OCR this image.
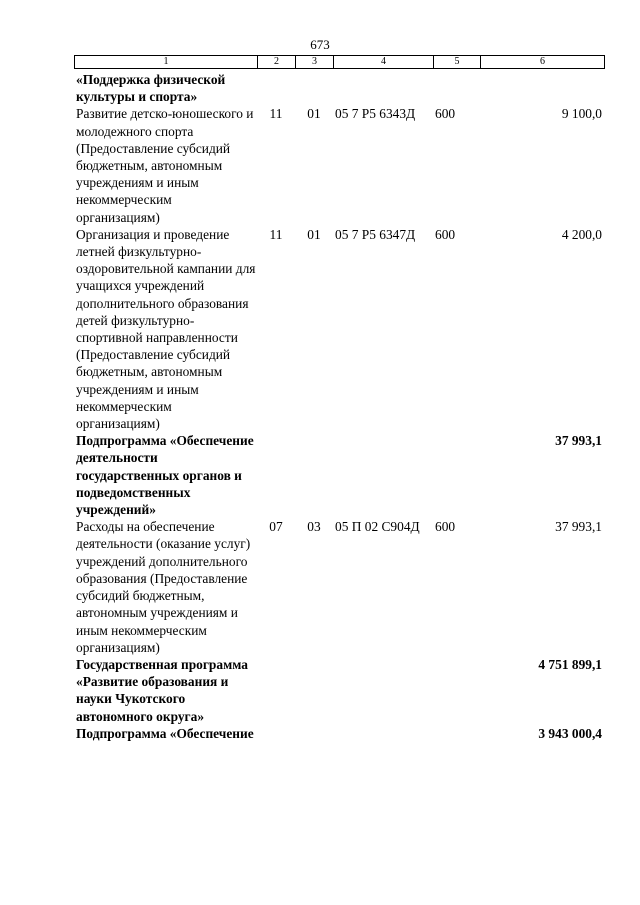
673
1	2	3	4	5	6
«Поддержка физической культуры и спорта»					
Развитие детско-юношеского и молодежного спорта (Предоставление субсидий бюджетным, автономным учреждениям и иным некоммерческим организациям)	11	01	05 7 Р5 6343Д	600	9 100,0
Организация и проведение летней физкультурно-оздоровительной кампании для учащихся учреждений дополнительного образования детей физкультурно-спортивной направленности (Предоставление субсидий бюджетным, автономным учреждениям и иным некоммерческим организациям)	11	01	05 7 Р5 6347Д	600	4 200,0
Подпрограмма «Обеспечение деятельности государственных органов и подведомственных учреждений»					37 993,1
Расходы на обеспечение деятельности (оказание услуг) учреждений дополнительного образования (Предоставление субсидий бюджетным, автономным учреждениям и иным некоммерческим организациям)	07	03	05 П 02 С904Д	600	37 993,1
Государственная программа «Развитие образования и науки Чукотского автономного округа»					4 751 899,1
Подпрограмма «Обеспечение					3 943 000,4
